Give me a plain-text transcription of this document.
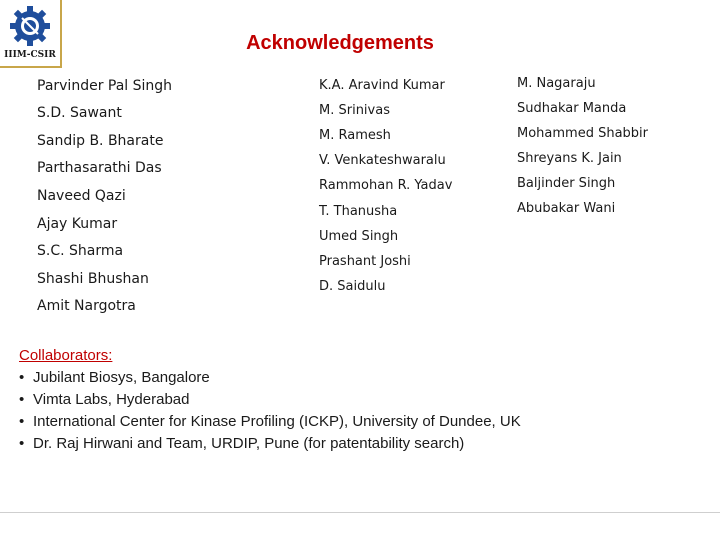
IIIM-CSIR
Acknowledgements
Parvinder Pal Singh
S.D. Sawant
Sandip B. Bharate
Parthasarathi Das
Naveed Qazi
Ajay Kumar
S.C. Sharma
Shashi Bhushan
Amit Nargotra
K.A. Aravind Kumar
M. Srinivas
M. Ramesh
V. Venkateshwaralu
Rammohan R. Yadav
T. Thanusha
Umed Singh
Prashant Joshi
D. Saidulu
M. Nagaraju
Sudhakar Manda
Mohammed Shabbir
Shreyans K. Jain
Baljinder Singh
Abubakar Wani
Collaborators:
• Jubilant Biosys, Bangalore
• Vimta Labs, Hyderabad
• International Center for Kinase Profiling (ICKP), University of Dundee, UK
• Dr. Raj Hirwani and Team, URDIP, Pune (for patentability search)
